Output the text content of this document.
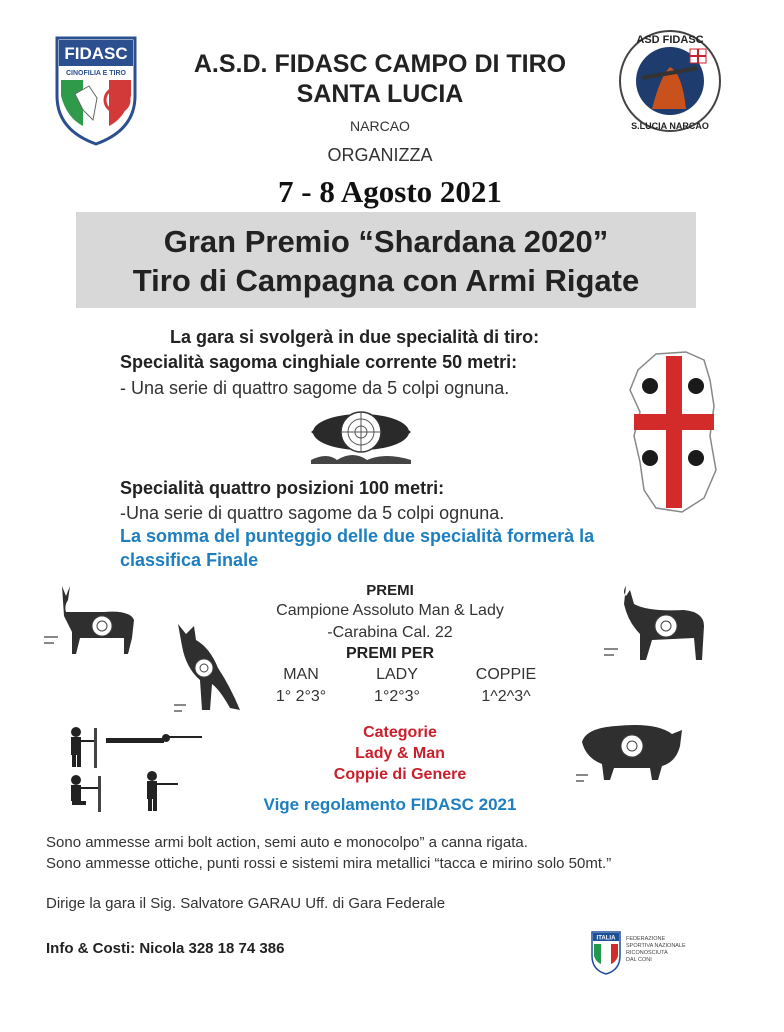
FIDASC
CINOFILIA E TIRO
ASD FIDASC
S.LUCIA NARCAO
A.S.D. FIDASC CAMPO DI TIRO
SANTA LUCIA
NARCAO
ORGANIZZA
7 - 8 Agosto 2021
Gran Premio “Shardana 2020”
Tiro di Campagna con Armi Rigate
La gara si svolgerà in due specialità di tiro:
Specialità sagoma cinghiale corrente 50 metri:
- Una serie di quattro sagome da 5 colpi ognuna.
Specialità quattro posizioni 100 metri:
-Una serie di quattro sagome da 5 colpi ognuna.
La somma del punteggio delle due specialità formerà la classifica Finale
PREMI
Campione Assoluto Man & Lady
-Carabina Cal. 22
PREMI PER
MAN
1° 2°3°
LADY
1°2°3°
COPPIE
1^2^3^
Categorie
Lady & Man
Coppie di Genere
Vige regolamento FIDASC 2021
Sono ammesse armi bolt action, semi auto e monocolpo” a canna rigata.
Sono ammesse ottiche, punti rossi e sistemi mira metallici “tacca e mirino solo 50mt.”
Dirige la gara il Sig. Salvatore GARAU Uff. di Gara Federale
Info & Costi: Nicola 328 18 74 386
ITALIA FEDERAZIONE
SPORTIVA NAZIONALE
RICONOSCIUTA
DAL CONI
